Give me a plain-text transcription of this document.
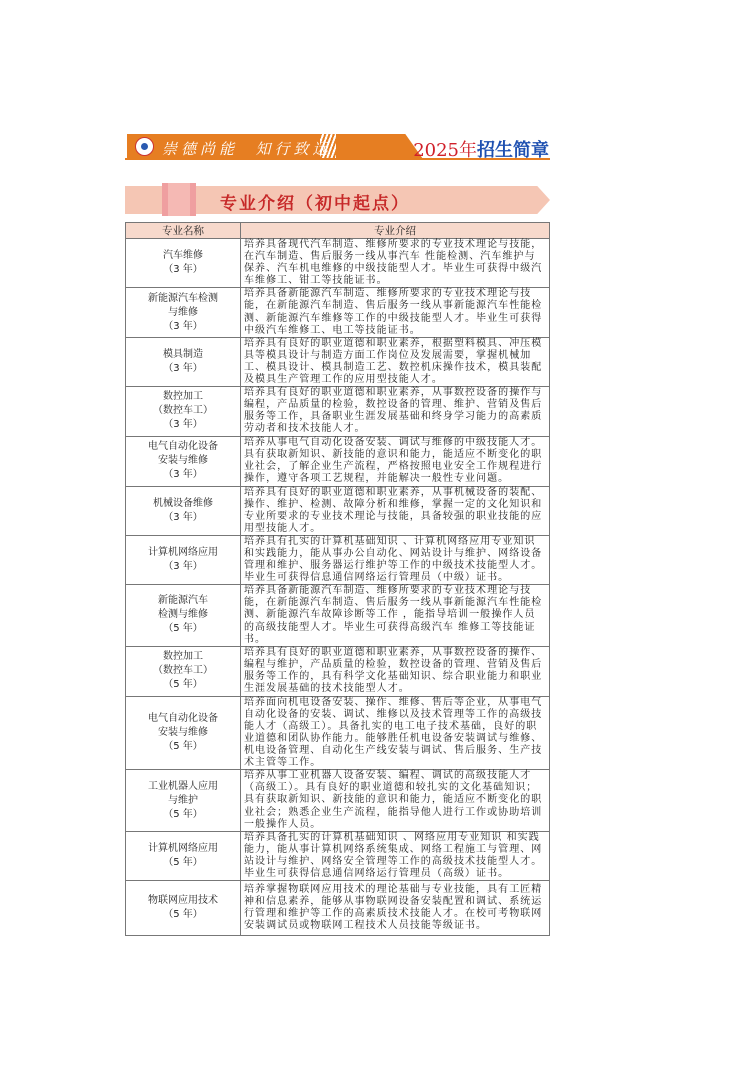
崇德尚能  知行致远	2025年招生简章
专业介绍（初中起点）
专业名称	专业介绍

汽车维修
（3 年）	培养具备现代汽车制造、维修所要求的专业技术理论与技能，在汽车制造、售后服务一线从事汽车 性能检测、汽车维护与保养、汽车机电维修的中级技能型人才。毕业生可获得中级汽车维修工、钳工等技能证书。

新能源汽车检测
与维修
（3 年）	培养具备新能源汽车制造、维修所要求的专业技术理论与技能，在新能源汽车制造、售后服务一线从事新能源汽车性能检测、新能源汽车维修等工作的中级技能型人才。毕业生可获得中级汽车维修工、电工等技能证书。

模具制造
（3 年）	培养具有良好的职业道德和职业素养，根据塑料模具、冲压模具等模具设计与制造方面工作岗位及发展需要，掌握机械加工、模具设计、模具制造工艺、数控机床操作技术，模具装配及模具生产管理工作的应用型技能人才。

数控加工
（数控车工）
（3 年）	培养具有良好的职业道德和职业素养，从事数控设备的操作与编程，产品质量的检验，数控设备的管理、维护、营销及售后服务等工作，具备职业生涯发展基础和终身学习能力的高素质劳动者和技术技能人才。

电气自动化设备
安装与维修
（3 年）	培养从事电气自动化设备安装、调试与维修的中级技能人才。具有获取新知识、新技能的意识和能力，能适应不断变化的职业社会，了解企业生产流程，严格按照电业安全工作规程进行操作，遵守各项工艺规程，并能解决一般性专业问题。

机械设备维修
（3 年）	培养具有良好的职业道德和职业素养，从事机械设备的装配、操作、维护、检测、故障分析和维修，掌握一定的文化知识和专业所要求的专业技术理论与技能，具备较强的职业技能的应用型技能人才。

计算机网络应用
（3 年）	培养具有扎实的计算机基础知识 、计算机网络应用专业知识和实践能力，能从事办公自动化、网站设计与维护、网络设备管理和维护、服务器运行维护等工作的中级技术技能型人才。毕业生可获得信息通信网络运行管理员（中级）证书。

新能源汽车
检测与维修
（5 年）	培养具备新能源汽车制造、维修所要求的专业技术理论与技能，在新能源汽车制造、售后服务一线从事新能源汽车性能检测、新能源汽车故障诊断等工作 ，能指导培训一般操作人员的高级技能型人才。毕业生可获得高级汽车 维修工等技能证书。

数控加工
（数控车工）
（5 年）	培养具有良好的职业道德和职业素养，从事数控设备的操作、编程与维护，产品质量的检验，数控设备的管理、营销及售后服务等工作的，具有科学文化基础知识、综合职业能力和职业生涯发展基础的技术技能型人才。

电气自动化设备
安装与维修
（5 年）	培养面向机电设备安装、操作、维修、售后等企业，从事电气自动化设备的安装、调试、维修以及技术管理等工作的高级技能人才（高级工）。具备扎实的电工电子技术基础，良好的职业道德和团队协作能力。能够胜任机电设备安装调试与维修、机电设备管理、自动化生产线安装与调试、售后服务、生产技术主管等工作。

工业机器人应用
与维护
（5 年）	培养从事工业机器人设备安装、编程、调试的高级技能人才（高级工）。具有良好的职业道德和较扎实的文化基础知识；具有获取新知识、新技能的意识和能力，能适应不断变化的职业社会；熟悉企业生产流程，能指导他人进行工作或协助培训一般操作人员。

计算机网络应用
（5 年）	培养具备扎实的计算机基础知识 、网络应用专业知识 和实践能力，能从事计算机网络系统集成、网络工程施工与管理、网站设计与维护、网络安全管理等工作的高级技术技能型人才。毕业生可获得信息通信网络运行管理员（高级）证书。

物联网应用技术
（5 年）	培养掌握物联网应用技术的理论基础与专业技能，具有工匠精神和信息素养，能够从事物联网设备安装配置和调试、系统运行管理和维护等工作的高素质技术技能人才。在校可考物联网安装调试员或物联网工程技术人员技能等级证书。
